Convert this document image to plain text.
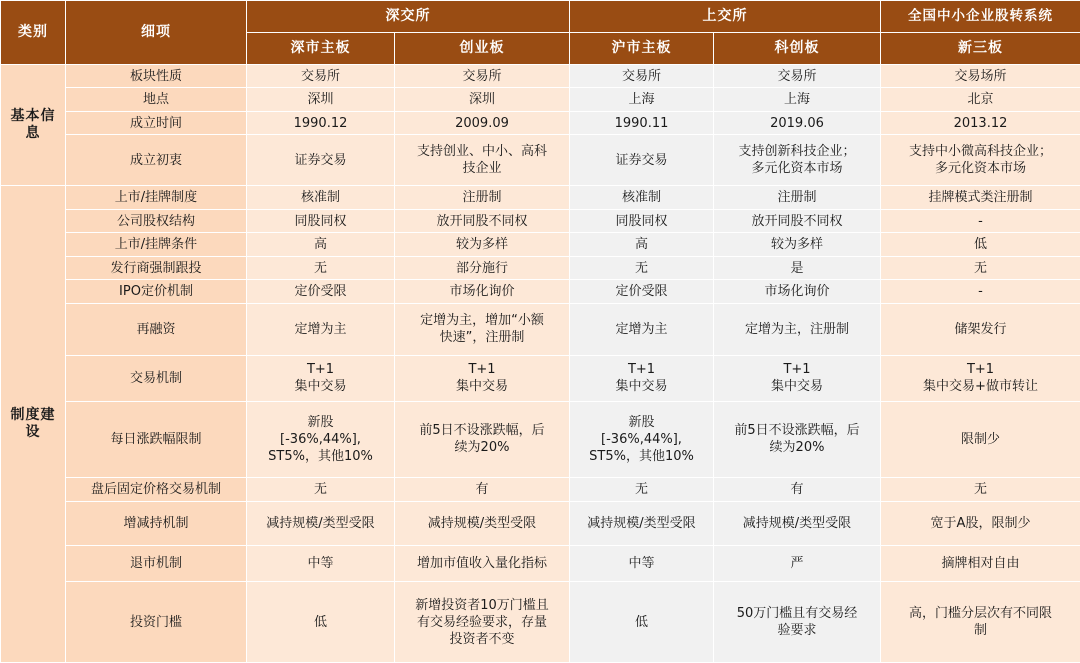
类别	细项	深交所		上交所		全国中小企业股转系统
		深市主板	创业板	沪市主板	科创板	新三板
基本信息	板块性质	交易所	交易所	交易所	交易所	交易场所

	地点	深圳	深圳	上海	上海	北京

	成立时间	1990.12	2009.09	1990.11	2019.06	2013.12

	成立初衷	证券交易	支持创业、中小、高科
技企业	证券交易	支持创新科技企业；
多元化资本市场	支持中小微高科技企业；
多元化资本市场

制度建设	上市/挂牌制度	核准制	注册制	核准制	注册制	挂牌模式类注册制

	公司股权结构	同股同权	放开同股不同权	同股同权	放开同股不同权	-

	上市/挂牌条件	高	较为多样	高	较为多样	低

	发行商强制跟投	无	部分施行	无	是	无

	IPO定价机制	定价受限	市场化询价	定价受限	市场化询价	-

	再融资	定增为主	定增为主，增加“小额
快速”，注册制	定增为主	定增为主，注册制	储架发行

	交易机制	T+1
集中交易	T+1
集中交易	T+1
集中交易	T+1
集中交易	T+1
集中交易+做市转让

	每日涨跌幅限制	新股
[-36%,44%],
ST5%，其他10%	前5日不设涨跌幅，后
续为20%	新股
[-36%,44%],
ST5%，其他10%	前5日不设涨跌幅，后
续为20%	限制少

	盘后固定价格交易机制	无	有	无	有	无

	增减持机制	减持规模/类型受限	减持规模/类型受限	减持规模/类型受限	减持规模/类型受限	宽于A股，限制少

	退市机制	中等	增加市值收入量化指标	中等	严	摘牌相对自由

	投资门槛	低	新增投资者10万门槛且
有交易经验要求，存量
投资者不变	低	50万门槛且有交易经
验要求	高，门槛分层次有不同限
制
